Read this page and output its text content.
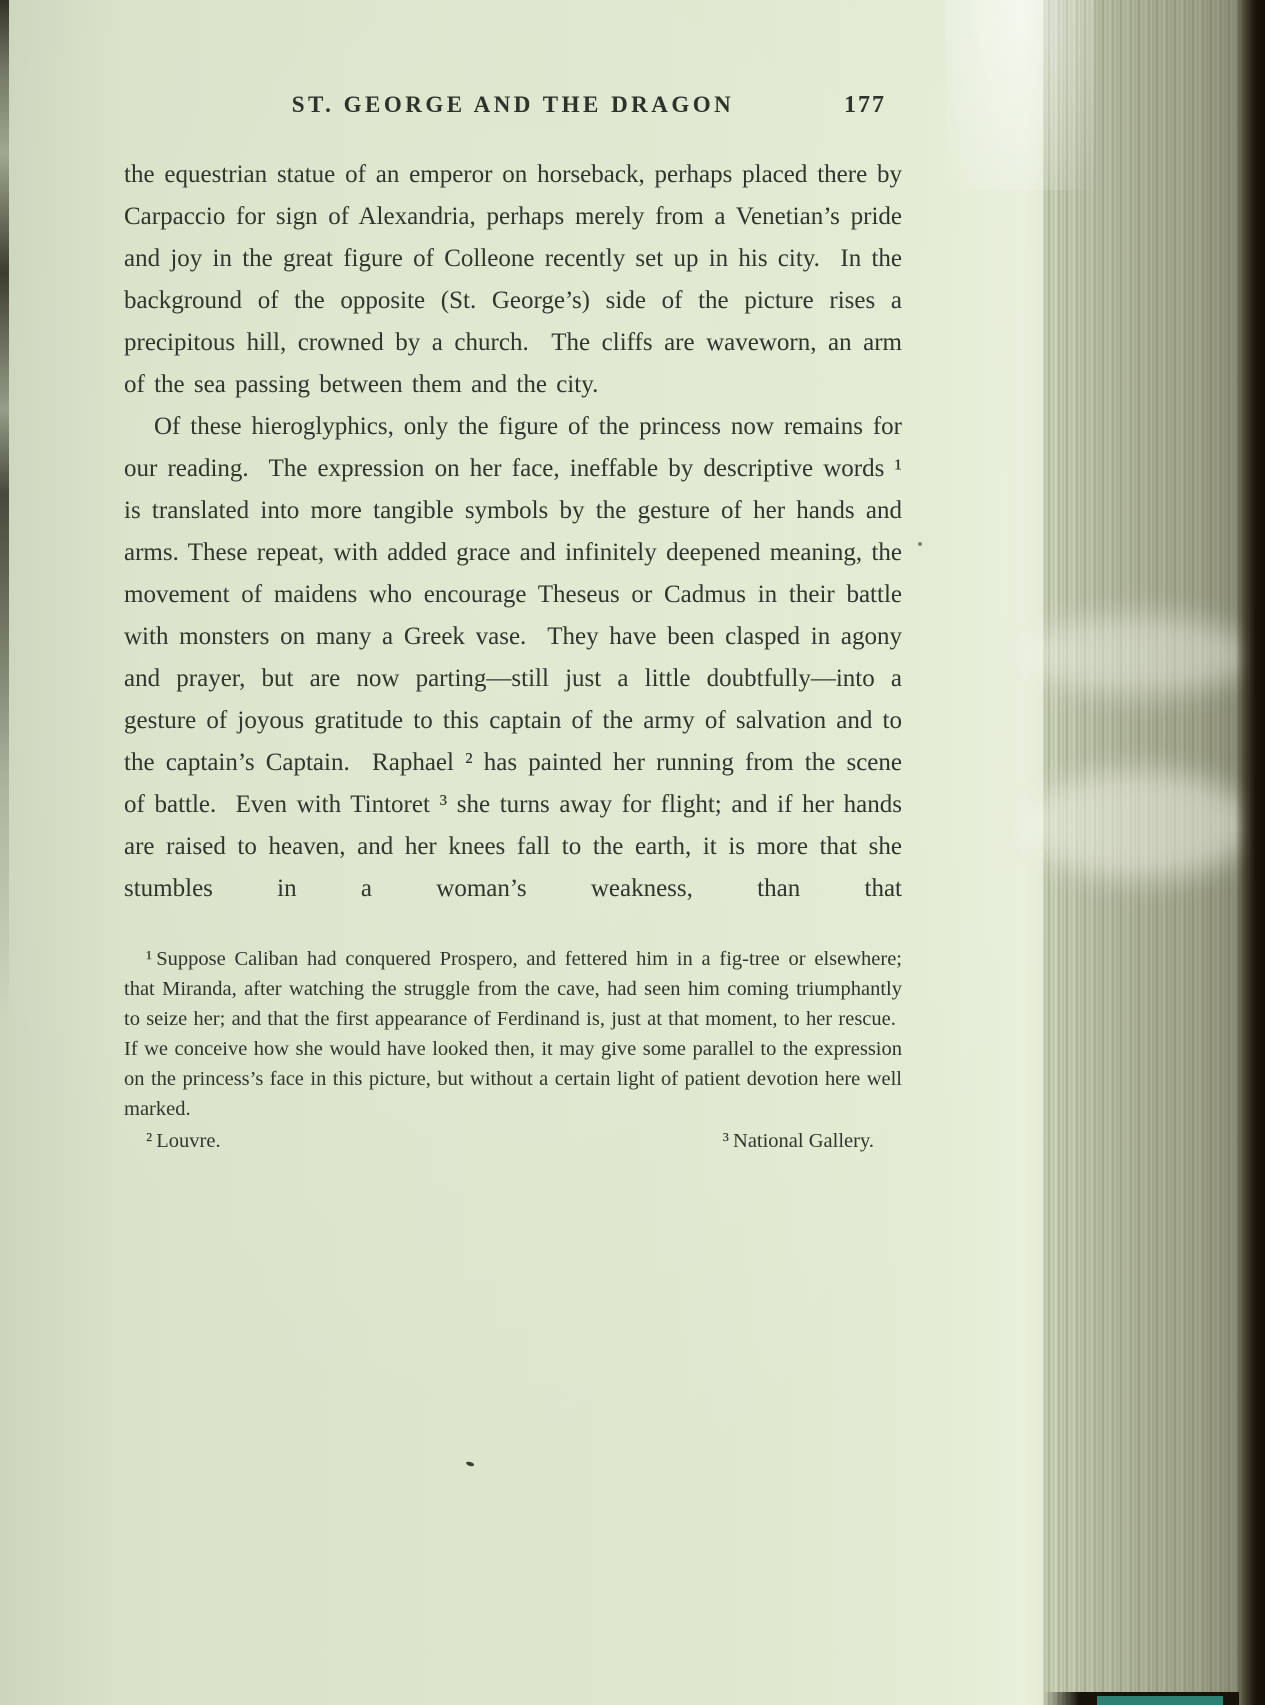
ST. GEORGE AND THE DRAGON	177

the equestrian statue of an emperor on horseback, perhaps placed there by Carpaccio for sign of Alexandria, perhaps merely from a Venetian’s pride and joy in the great figure of Colleone recently set up in his city.  In the background of the opposite (St. George’s) side of the picture rises a precipitous hill, crowned by a church.  The cliffs are waveworn, an arm of the sea passing between them and the city.

Of these hieroglyphics, only the figure of the princess now remains for our reading.  The expression on her face, ineffable by descriptive words ¹ is translated into more tangible symbols by the gesture of her hands and arms. These repeat, with added grace and infinitely deepened meaning, the movement of maidens who encourage Theseus or Cadmus in their battle with monsters on many a Greek vase.  They have been clasped in agony and prayer, but are now parting—still just a little doubtfully—into a gesture of joyous gratitude to this captain of the army of salvation and to the captain’s Captain.  Raphael ² has painted her running from the scene of battle.  Even with Tintoret ³ she turns away for flight; and if her hands are raised to heaven, and her knees fall to the earth, it is more that she stumbles in a woman’s weakness, than that

¹ Suppose Caliban had conquered Prospero, and fettered him in a fig-tree or elsewhere; that Miranda, after watching the struggle from the cave, had seen him coming triumphantly to seize her; and that the first appearance of Ferdinand is, just at that moment, to her rescue.  If we conceive how she would have looked then, it may give some parallel to the expression on the princess’s face in this picture, but without a certain light of patient devotion here well marked.

² Louvre.	³ National Gallery.
